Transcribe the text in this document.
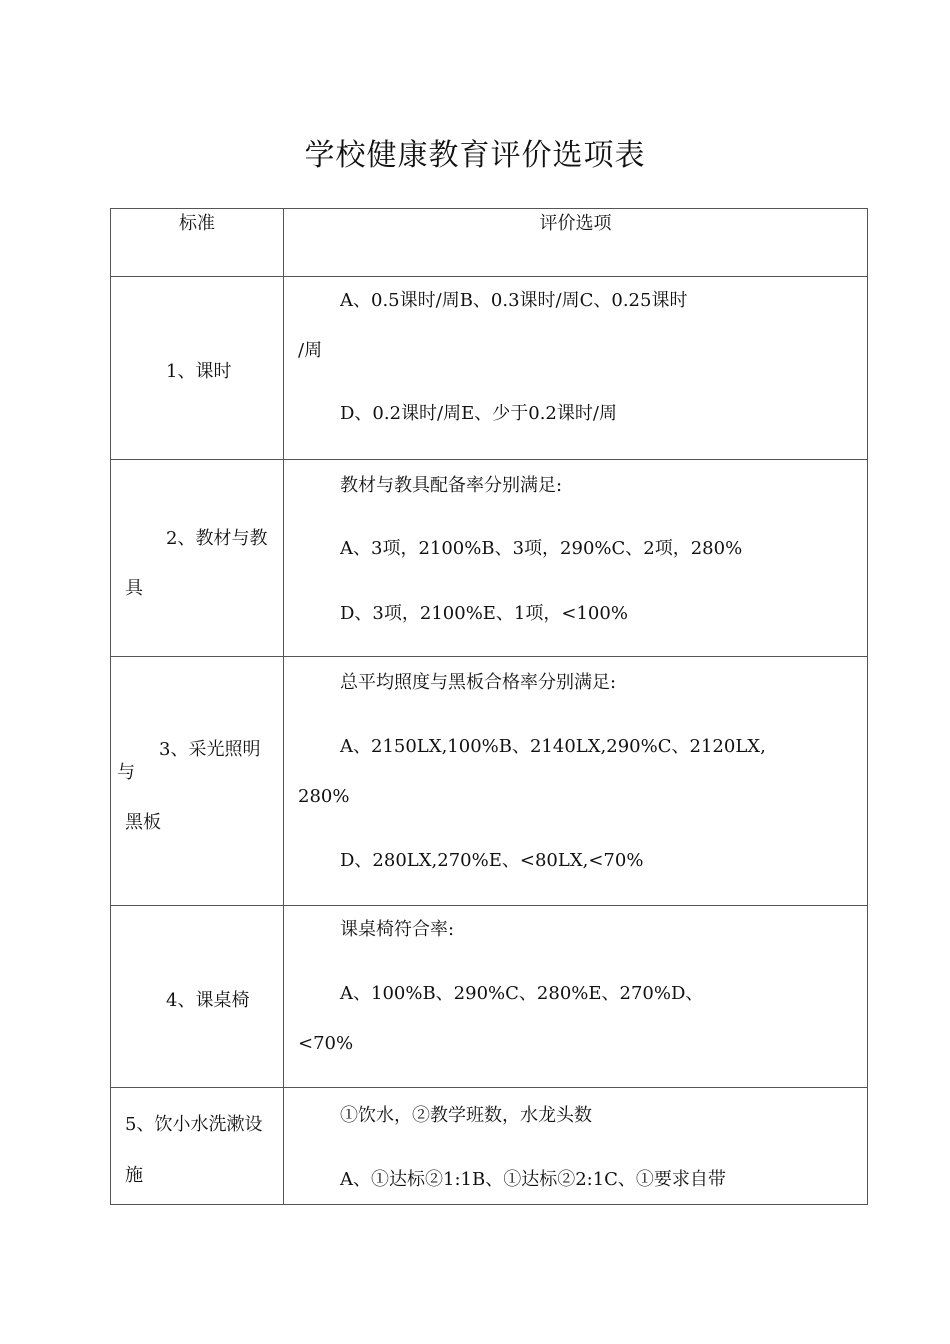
学校健康教育评价选项表
标准	评价选项

1、课时	A、0.5课时/周B、0.3课时/周C、0.25课时
/周
D、0.2课时/周E、少于0.2课时/周

2、教材与教
具	教材与教具配备率分别满足:
A、3项，2100%B、3项，290%C、2项，280%
D、3项，2100%E、1项，<100%

3、采光照明
与
黑板	总平均照度与黑板合格率分别满足:
A、2150LX,100%B、2140LX,290%C、2120LX,
280%
D、280LX,270%E、<80LX,<70%

4、课桌椅	课桌椅符合率:
A、100%B、290%C、280%E、270%D、
<70%

5、饮小水洗漱设
施	①饮水，②教学班数，水龙头数
A、①达标②1:1B、①达标②2:1C、①要求自带
